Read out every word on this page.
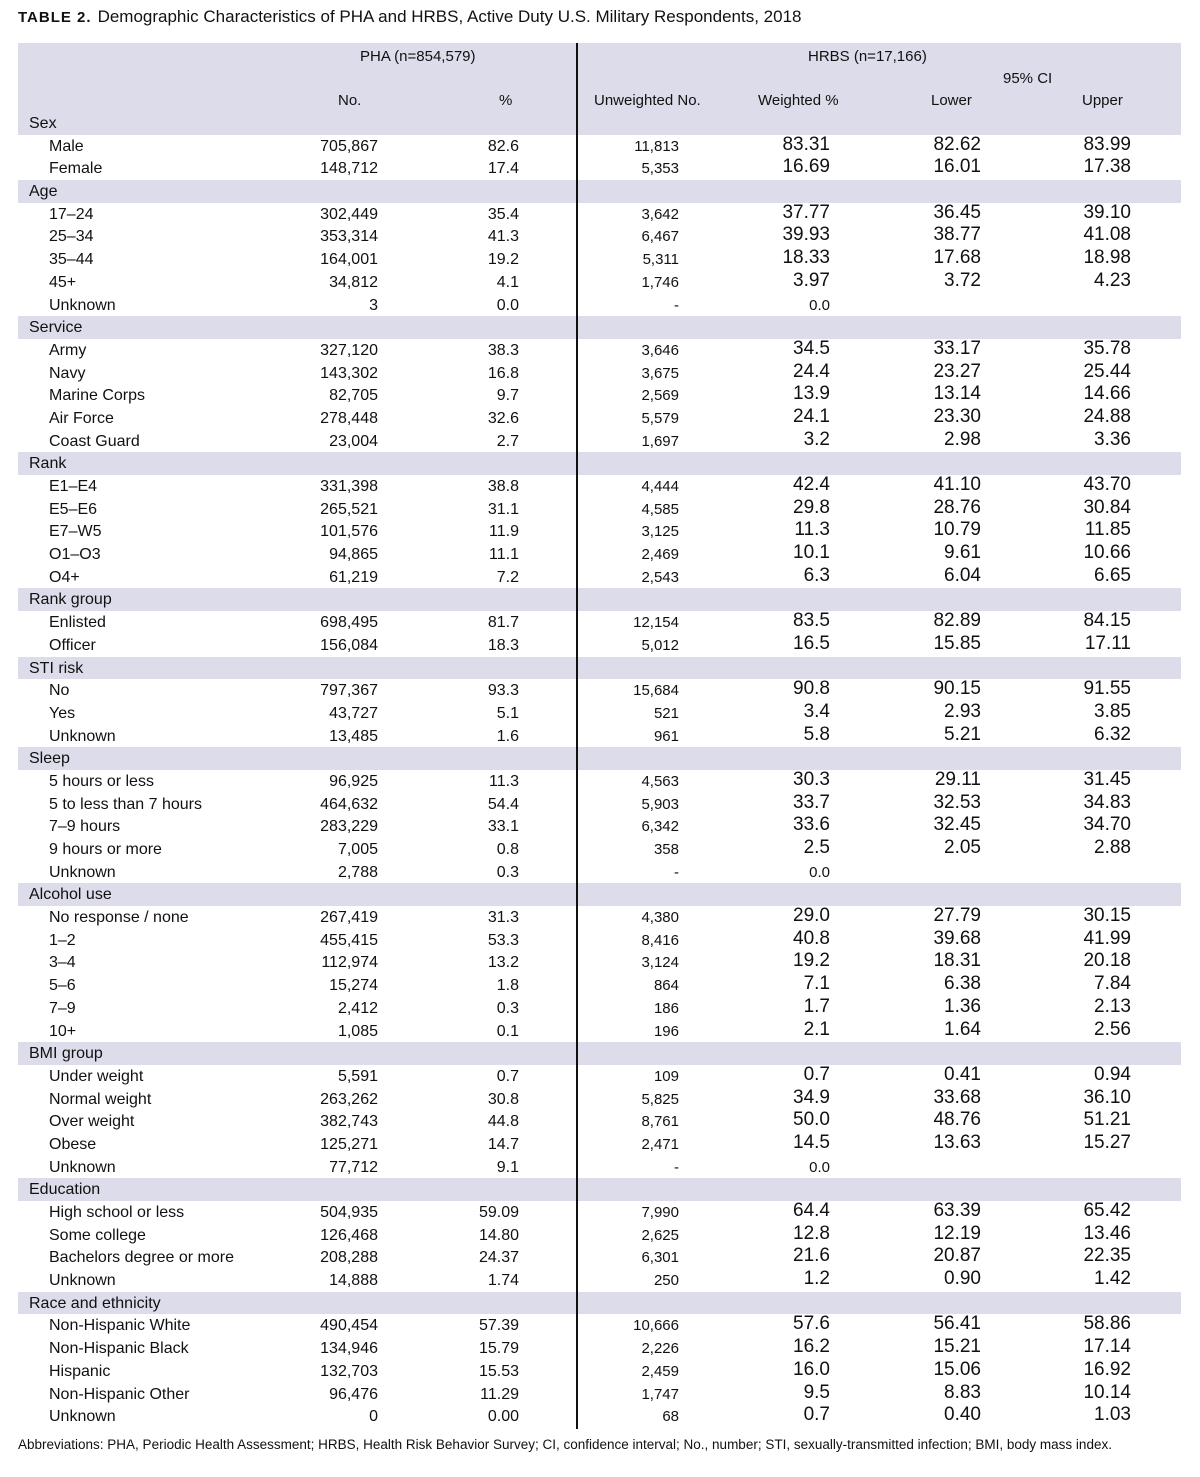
TABLE 2. Demographic Characteristics of PHA and HRBS, Active Duty U.S. Military Respondents, 2018
PHA (n=854,579)	HRBS (n=17,166)
95% CI
No.	%	Unweighted No.	Weighted %	Lower	Upper
Sex
Male	705,867	82.6	11,813	83.31	82.62	83.99
Female	148,712	17.4	5,353	16.69	16.01	17.38
Age
17–24	302,449	35.4	3,642	37.77	36.45	39.10
25–34	353,314	41.3	6,467	39.93	38.77	41.08
35–44	164,001	19.2	5,311	18.33	17.68	18.98
45+	34,812	4.1	1,746	3.97	3.72	4.23
Unknown	3	0.0	-	0.0
Service
Army	327,120	38.3	3,646	34.5	33.17	35.78
Navy	143,302	16.8	3,675	24.4	23.27	25.44
Marine Corps	82,705	9.7	2,569	13.9	13.14	14.66
Air Force	278,448	32.6	5,579	24.1	23.30	24.88
Coast Guard	23,004	2.7	1,697	3.2	2.98	3.36
Rank
E1–E4	331,398	38.8	4,444	42.4	41.10	43.70
E5–E6	265,521	31.1	4,585	29.8	28.76	30.84
E7–W5	101,576	11.9	3,125	11.3	10.79	11.85
O1–O3	94,865	11.1	2,469	10.1	9.61	10.66
O4+	61,219	7.2	2,543	6.3	6.04	6.65
Rank group
Enlisted	698,495	81.7	12,154	83.5	82.89	84.15
Officer	156,084	18.3	5,012	16.5	15.85	17.11
STI risk
No	797,367	93.3	15,684	90.8	90.15	91.55
Yes	43,727	5.1	521	3.4	2.93	3.85
Unknown	13,485	1.6	961	5.8	5.21	6.32
Sleep
5 hours or less	96,925	11.3	4,563	30.3	29.11	31.45
5 to less than 7 hours	464,632	54.4	5,903	33.7	32.53	34.83
7–9 hours	283,229	33.1	6,342	33.6	32.45	34.70
9 hours or more	7,005	0.8	358	2.5	2.05	2.88
Unknown	2,788	0.3	-	0.0
Alcohol use
No response / none	267,419	31.3	4,380	29.0	27.79	30.15
1–2	455,415	53.3	8,416	40.8	39.68	41.99
3–4	112,974	13.2	3,124	19.2	18.31	20.18
5–6	15,274	1.8	864	7.1	6.38	7.84
7–9	2,412	0.3	186	1.7	1.36	2.13
10+	1,085	0.1	196	2.1	1.64	2.56
BMI group
Under weight	5,591	0.7	109	0.7	0.41	0.94
Normal weight	263,262	30.8	5,825	34.9	33.68	36.10
Over weight	382,743	44.8	8,761	50.0	48.76	51.21
Obese	125,271	14.7	2,471	14.5	13.63	15.27
Unknown	77,712	9.1	-	0.0
Education
High school or less	504,935	59.09	7,990	64.4	63.39	65.42
Some college	126,468	14.80	2,625	12.8	12.19	13.46
Bachelors degree or more	208,288	24.37	6,301	21.6	20.87	22.35
Unknown	14,888	1.74	250	1.2	0.90	1.42
Race and ethnicity
Non-Hispanic White	490,454	57.39	10,666	57.6	56.41	58.86
Non-Hispanic Black	134,946	15.79	2,226	16.2	15.21	17.14
Hispanic	132,703	15.53	2,459	16.0	15.06	16.92
Non-Hispanic Other	96,476	11.29	1,747	9.5	8.83	10.14
Unknown	0	0.00	68	0.7	0.40	1.03
Abbreviations: PHA, Periodic Health Assessment; HRBS, Health Risk Behavior Survey; CI, confidence interval; No., number; STI, sexually-transmitted infection; BMI, body mass index.
